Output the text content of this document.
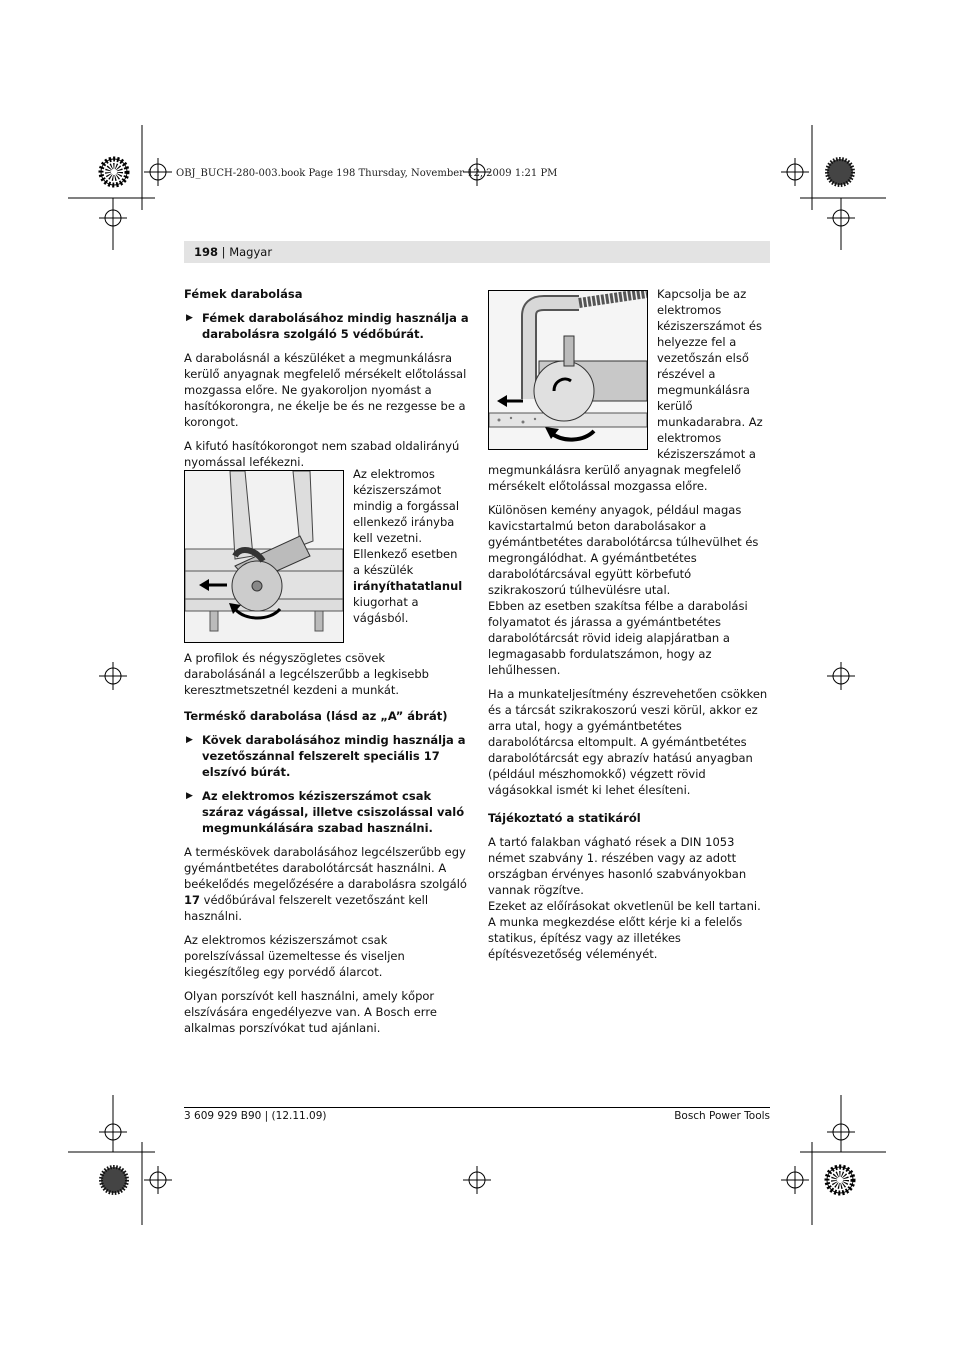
OBJ_BUCH-280-003.book Page 198 Thursday, November 12, 2009 1:21 PM
198 | Magyar
Fémek darabolása
▶ Fémek darabolásához mindig használja a darabolásra szolgáló 5 védőbúrát.

A darabolásnál a készüléket a megmunkálásra kerülő anyagnak megfelelő mérsékelt előtolással mozgassa előre. Ne gyakoroljon nyomást a hasítókorongra, ne ékelje be és ne rezgesse be a korongot.

A kifutó hasítókorongot nem szabad oldalirányú nyomással lefékezni.

Az elektromos
kéziszerszámot
mindig a forgással
ellenkező irányba
kell vezetni.
Ellenkező esetben
a készülék
irányíthatatlanul
kiugorhat a
vágásból.

A profilok és négyszögletes csövek darabolásánál a legcélszerűbb a legkisebb keresztmetszetnél kezdeni a munkát.

Terméskő darabolása (lásd az „A” ábrát)
▶ Kövek darabolásához mindig használja a vezetőszánnal felszerelt speciális 17 elszívó búrát.
▶ Az elektromos kéziszerszámot csak száraz vágással, illetve csiszolással való megmunkálására szabad használni.

A terméskövek darabolásához legcélszerűbb egy gyémántbetétes darabolótárcsát használni. A beékelődés megelőzésére a darabolásra szolgáló 17 védőbúrával felszerelt vezetőszánt kell használni.

Az elektromos kéziszerszámot csak porelszívással üzemeltesse és viseljen kiegészítőleg egy porvédő álarcot.

Olyan porszívót kell használni, amely kőpor elszívására engedélyezve van. A Bosch erre alkalmas porszívókat tud ajánlani.

Kapcsolja be az
elektromos
kéziszerszámot és
helyezze fel a
vezetőszán első
részével a
megmunkálásra
kerülő
munkadarabra. Az
elektromos
kéziszerszámot a

megmunkálásra kerülő anyagnak megfelelő mérsékelt előtolással mozgassa előre.

Különösen kemény anyagok, például magas kavicstartalmú beton darabolásakor a gyémántbetétes darabolótárcsa túlhevülhet és megrongálódhat. A gyémántbetétes darabolótárcsával együtt körbefutó szikrakoszorú túlhevülésre utal.

Ebben az esetben szakítsa félbe a darabolási folyamatot és járassa a gyémántbetétes darabolótárcsát rövid ideig alapjáratban a legmagasabb fordulatszámon, hogy az lehűlhessen.

Ha a munkateljesítmény észrevehetően csökken és a tárcsát szikrakoszorú veszi körül, akkor ez arra utal, hogy a gyémántbetétes darabolótárcsa eltompult. A gyémántbetétes darabolótárcsát egy abrazív hatású anyagban (például mészhomokkő) végzett rövid vágásokkal ismét ki lehet élesíteni.

Tájékoztató a statikáról

A tartó falakban vágható rések a DIN 1053 német szabvány 1. részében vagy az adott országban érvényes hasonló szabványokban vannak rögzítve.

Ezeket az előírásokat okvetlenül be kell tartani. A munka megkezdése előtt kérje ki a felelős statikus, építész vagy az illetékes építésvezetőség véleményét.

3 609 929 B90 | (12.11.09)	Bosch Power Tools
